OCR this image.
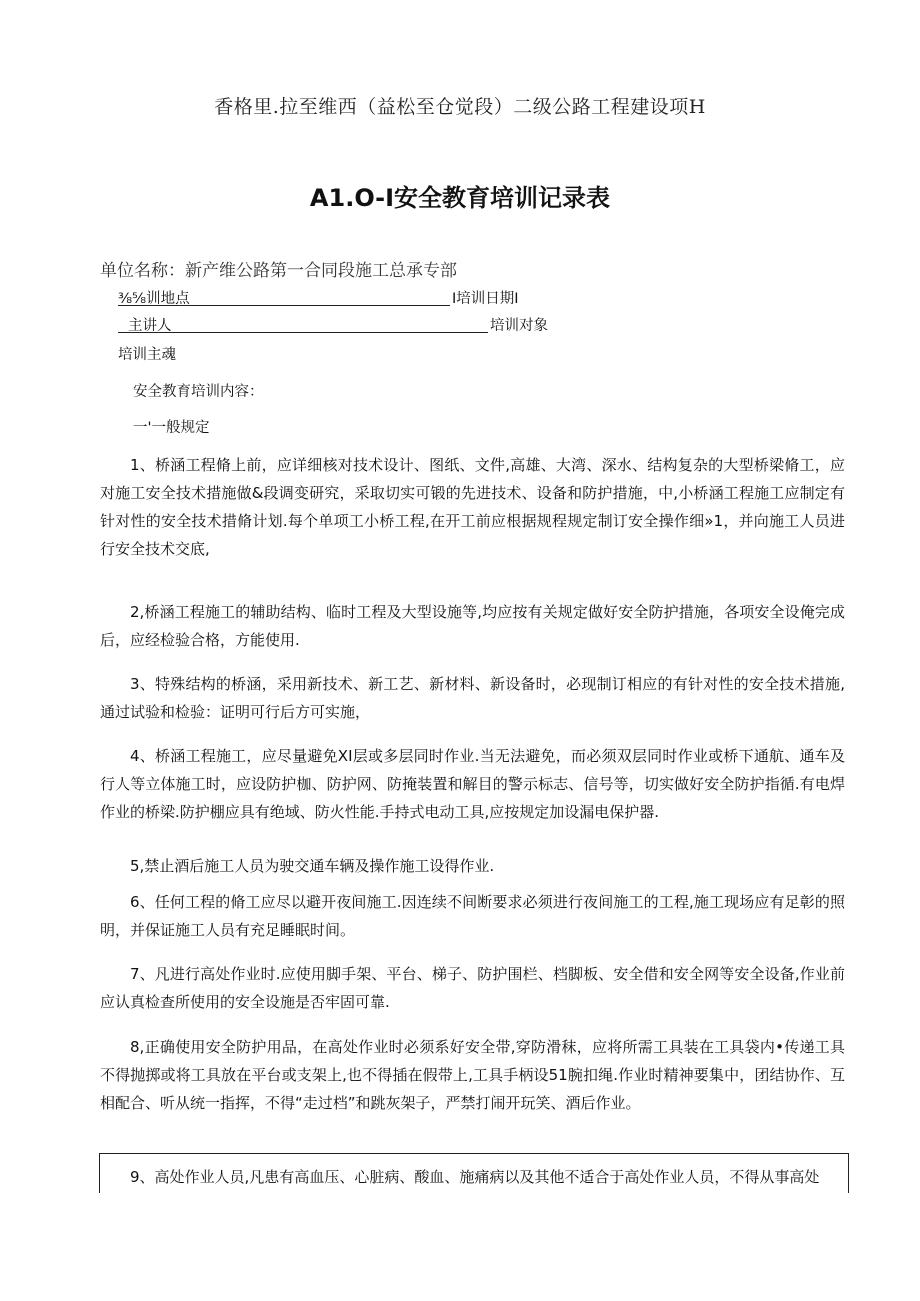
香格里.拉至维西（益松至仓觉段）二级公路工程建设项H
A1.O-I安全教育培训记录表
单位名称：新产维公路第一合同段施工总承专部
⅜⅝训地点	I培训日期I
主讲人	培训对象
培训主魂
安全教育培训内容：
一'一般规定
1、桥涵工程脩上前，应详细核对技术设计、图纸、文件,高雄、大湾、深水、结构复杂的大型桥梁脩工，应对施工安全技术措施做&段调变研究，采取切实可锻的先进技术、设备和防护措施，中,小桥涵工程施工应制定有针对性的安全技术措脩计划.每个单项工小桥工程,在开工前应根据规程规定制订安全操作细»1，并向施工人员进行安全技术交底,
2,桥涵工程施工的辅助结构、临时工程及大型设施等,均应按有关规定做好安全防护措施，各项安全设俺完成后，应经检验合格，方能使用.
3、特殊结构的桥涵，采用新技术、新工艺、新材料、新设备时，必现制订相应的有针对性的安全技术措施,通过试验和检验：证明可行后方可实施，
4、桥涵工程施工，应尽量避免XI层或多层同时作业.当无法避免，而必须双层同时作业或桥下通航、通车及行人等立体施工时，应设防护枷、防护网、防掩装置和解目的警示标志、信号等，切实做好安全防护指循.有电焊作业的桥梁.防护棚应具有绝域、防火性能.手持式电动工具,应按规定加设漏电保护器.
5,禁止酒后施工人员为驶交通车辆及操作施工设得作业.
6、任何工程的脩工应尽以避开夜间施工.因连续不间断要求必须进行夜间施工的工程,施工现场应有足彰的照明，并保证施工人员有充足睡眠时间。
7、凡进行高处作业时.应使用脚手架、平台、梯子、防护围栏、档脚板、安全借和安全网等安全设备,作业前应认真检查所使用的安全设施是否牢固可靠.
8,正确使用安全防护用品，在高处作业时必须系好安全带,穿防滑秣，应将所需工具装在工具袋内•传递工具不得抛掷或将工具放在平台或支架上,也不得插在假带上,工具手柄设51腕扣绳.作业时精神要集中，团结协作、互相配合、听从统一指挥，不得“走过档”和跳灰架子，严禁打闹开玩笑、酒后作业。
9、高处作业人员,凡患有高血压、心脏病、酸血、施痛病以及其他不适合于高处作业人员，不得从事高处
